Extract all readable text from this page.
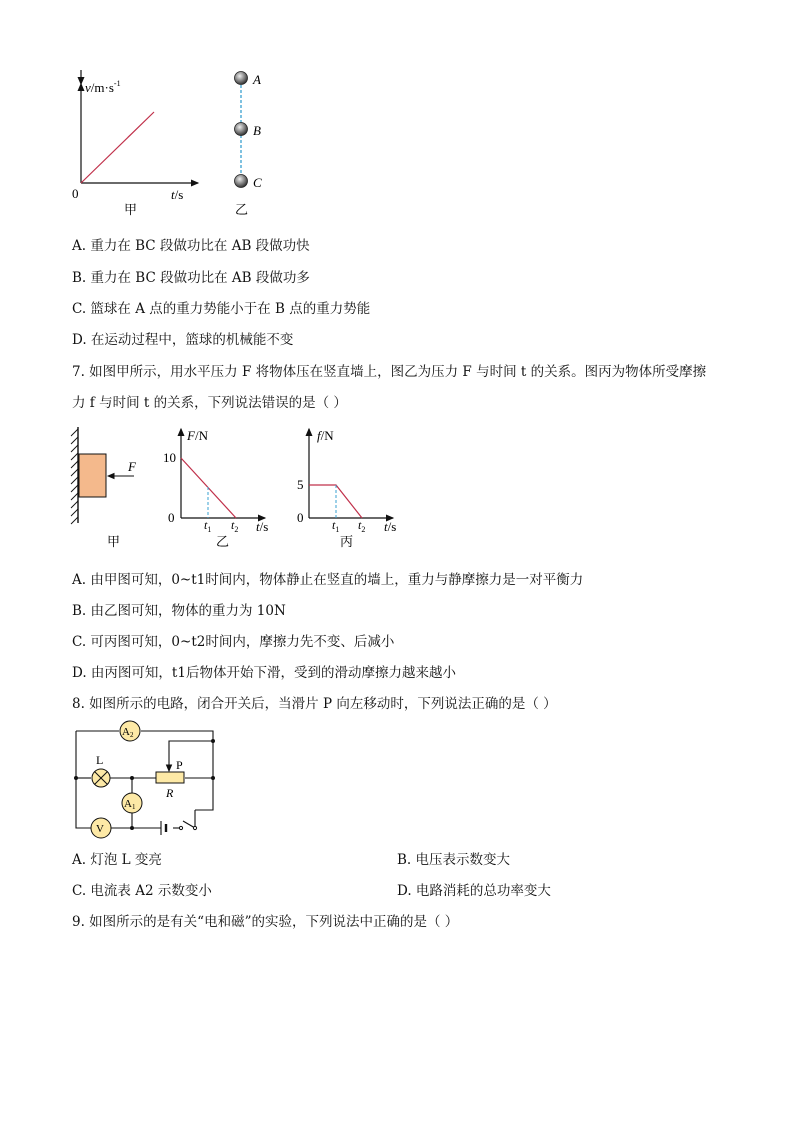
$v/m\cdot s^{-1}$
0	t/s
甲
A
B
C
乙
A. 重力在 BC 段做功比在 AB 段做功快
B. 重力在 BC 段做功比在 AB 段做功多
C. 篮球在 A 点的重力势能小于在 B 点的重力势能
D. 在运动过程中，篮球的机械能不变
7. 如图甲所示，用水平压力 F 将物体压在竖直墙上，图乙为压力 F 与时间 t 的关系。图丙为物体所受摩擦
力 f 与时间 t 的关系，下列说法错误的是（ ）
F
甲
F/N
10
0 $t_1$ $t_2$ t/s
乙
f/N
5
0 $t_1$ $t_2$ t/s
丙
A. 由甲图可知，0~t1时间内，物体静止在竖直的墙上，重力与静摩擦力是一对平衡力
B. 由乙图可知，物体的重力为 10N
C. 可丙图可知，0~t2时间内，摩擦力先不变、后减小
D. 由丙图可知，t1后物体开始下滑，受到的滑动摩擦力越来越小
8. 如图所示的电路，闭合开关后，当滑片 P 向左移动时，下列说法正确的是（ ）
A2
L	P
R
A1
V
A. 灯泡 L 变亮	B. 电压表示数变大
C. 电流表 A2 示数变小	D. 电路消耗的总功率变大
9. 如图所示的是有关“电和磁”的实验，下列说法中正确的是（ ）
